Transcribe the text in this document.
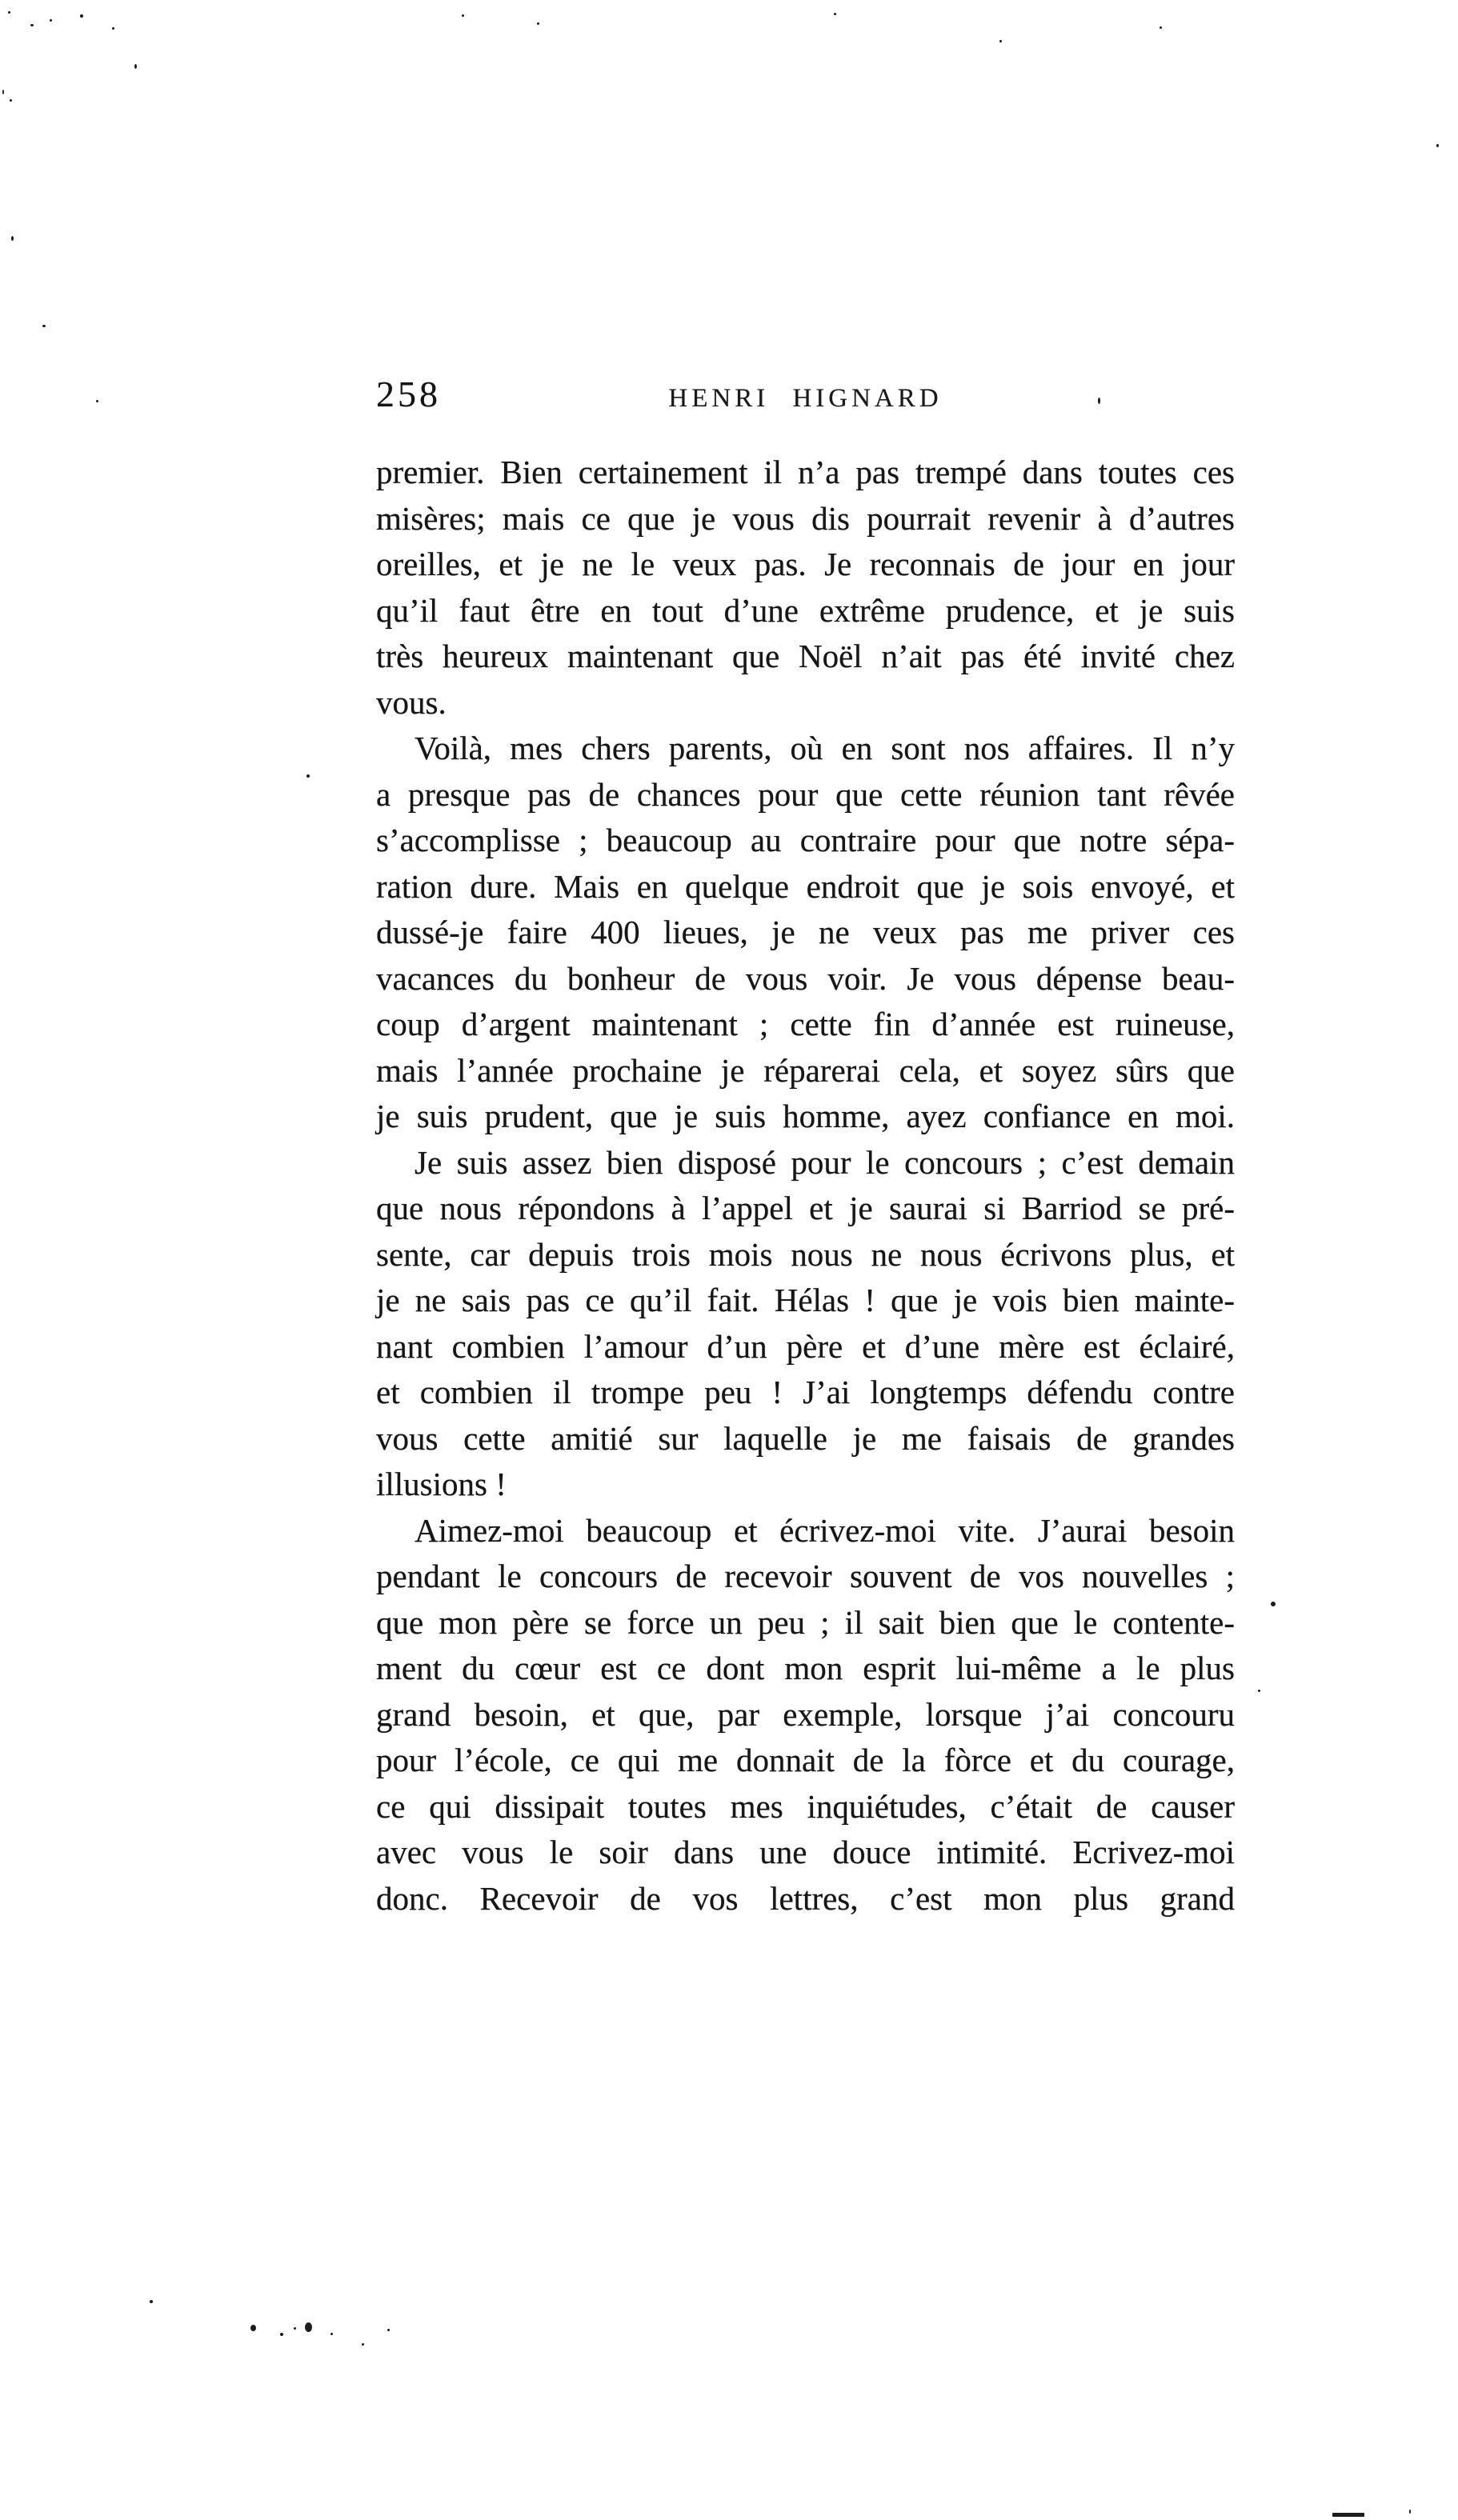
258	HENRI HIGNARD
premier. Bien certainement il n’a pas trempé dans toutes ces
misères; mais ce que je vous dis pourrait revenir à d’autres
oreilles, et je ne le veux pas. Je reconnais de jour en jour
qu’il faut être en tout d’une extrême prudence, et je suis
très heureux maintenant que Noël n’ait pas été invité chez
vous.
Voilà, mes chers parents, où en sont nos affaires. Il n’y
a presque pas de chances pour que cette réunion tant rêvée
s’accomplisse ; beaucoup au contraire pour que notre sépa-
ration dure. Mais en quelque endroit que je sois envoyé, et
dussé-je faire 400 lieues, je ne veux pas me priver ces
vacances du bonheur de vous voir. Je vous dépense beau-
coup d’argent maintenant ; cette fin d’année est ruineuse,
mais l’année prochaine je réparerai cela, et soyez sûrs que
je suis prudent, que je suis homme, ayez confiance en moi.
Je suis assez bien disposé pour le concours ; c’est demain
que nous répondons à l’appel et je saurai si Barriod se pré-
sente, car depuis trois mois nous ne nous écrivons plus, et
je ne sais pas ce qu’il fait. Hélas ! que je vois bien mainte-
nant combien l’amour d’un père et d’une mère est éclairé,
et combien il trompe peu ! J’ai longtemps défendu contre
vous cette amitié sur laquelle je me faisais de grandes
illusions !
Aimez-moi beaucoup et écrivez-moi vite. J’aurai besoin
pendant le concours de recevoir souvent de vos nouvelles ;
que mon père se force un peu ; il sait bien que le contente-
ment du cœur est ce dont mon esprit lui-même a le plus
grand besoin, et que, par exemple, lorsque j’ai concouru
pour l’école, ce qui me donnait de la fòrce et du courage,
ce qui dissipait toutes mes inquiétudes, c’était de causer
avec vous le soir dans une douce intimité. Ecrivez-moi
donc. Recevoir de vos lettres, c’est mon plus grand
